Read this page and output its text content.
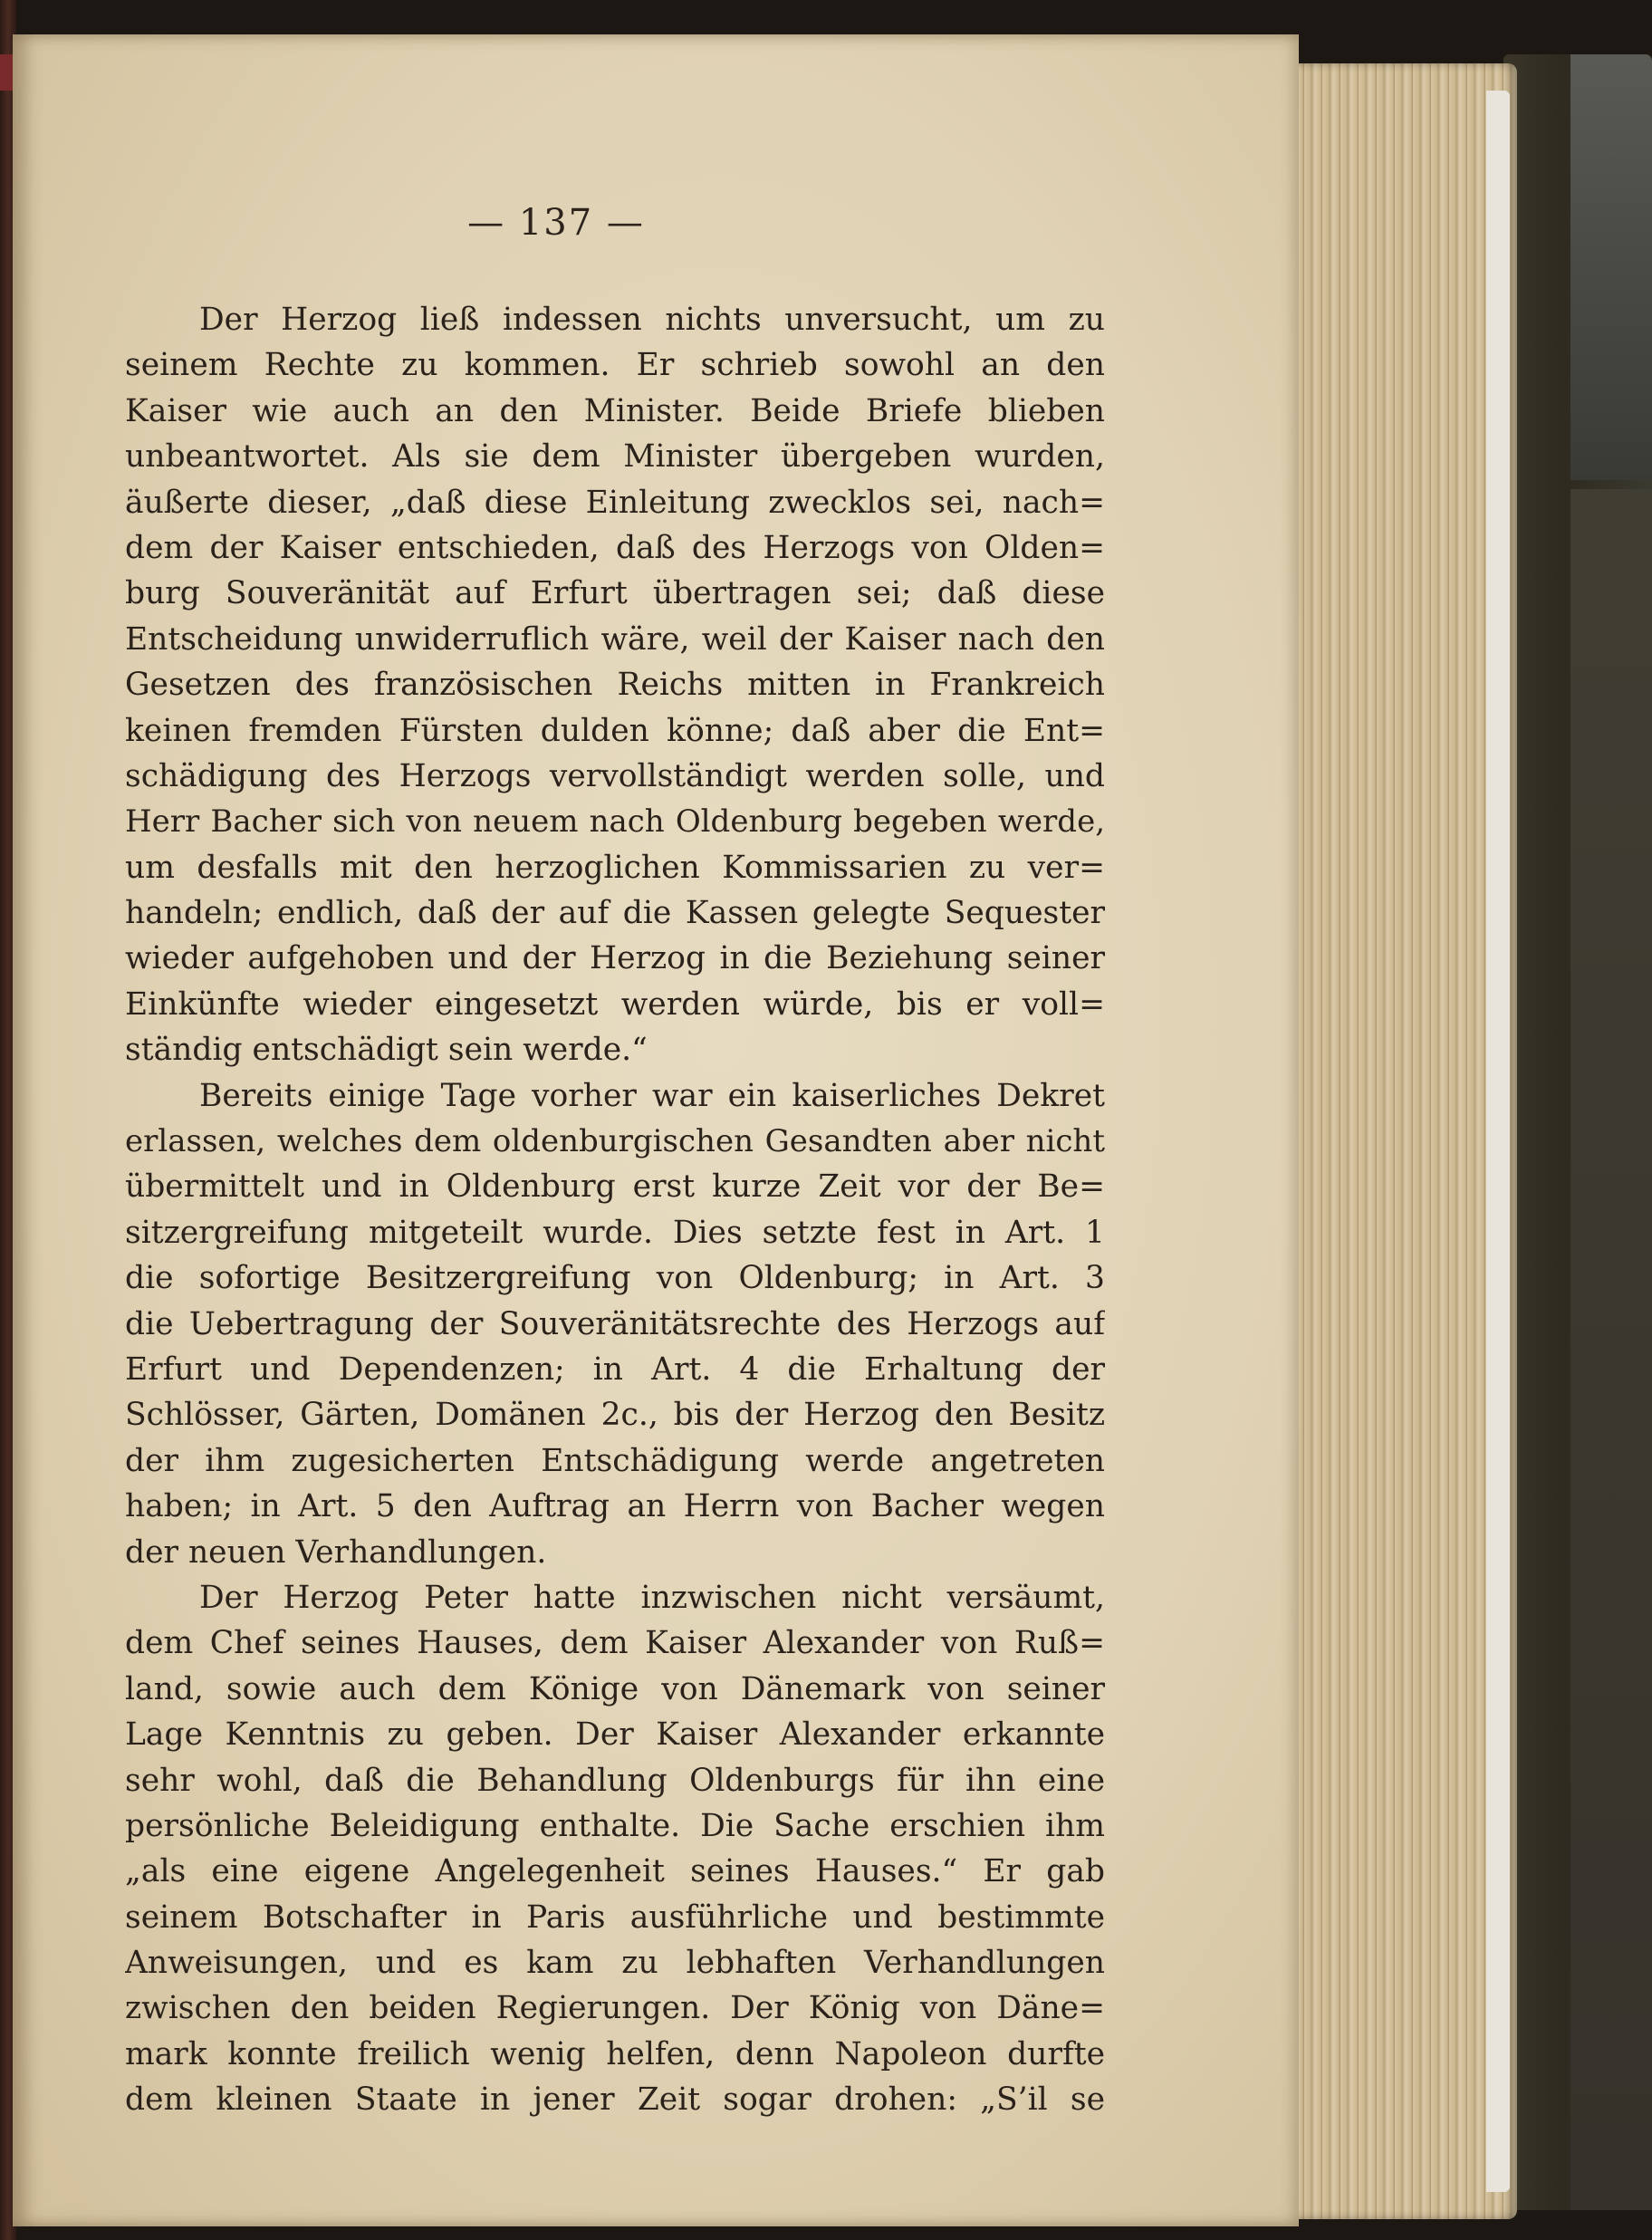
— 137 —
Der Herzog ließ indessen nichts unversucht, um zu
seinem Rechte zu kommen. Er schrieb sowohl an den
Kaiser wie auch an den Minister. Beide Briefe blieben
unbeantwortet. Als sie dem Minister übergeben wurden,
äußerte dieser, „daß diese Einleitung zwecklos sei, nach=
dem der Kaiser entschieden, daß des Herzogs von Olden=
burg Souveränität auf Erfurt übertragen sei; daß diese
Entscheidung unwiderruflich wäre, weil der Kaiser nach den
Gesetzen des französischen Reichs mitten in Frankreich
keinen fremden Fürsten dulden könne; daß aber die Ent=
schädigung des Herzogs vervollständigt werden solle, und
Herr Bacher sich von neuem nach Oldenburg begeben werde,
um desfalls mit den herzoglichen Kommissarien zu ver=
handeln; endlich, daß der auf die Kassen gelegte Sequester
wieder aufgehoben und der Herzog in die Beziehung seiner
Einkünfte wieder eingesetzt werden würde, bis er voll=
ständig entschädigt sein werde.“
Bereits einige Tage vorher war ein kaiserliches Dekret
erlassen, welches dem oldenburgischen Gesandten aber nicht
übermittelt und in Oldenburg erst kurze Zeit vor der Be=
sitzergreifung mitgeteilt wurde. Dies setzte fest in Art. 1
die sofortige Besitzergreifung von Oldenburg; in Art. 3
die Uebertragung der Souveränitätsrechte des Herzogs auf
Erfurt und Dependenzen; in Art. 4 die Erhaltung der
Schlösser, Gärten, Domänen 2c., bis der Herzog den Besitz
der ihm zugesicherten Entschädigung werde angetreten
haben; in Art. 5 den Auftrag an Herrn von Bacher wegen
der neuen Verhandlungen.
Der Herzog Peter hatte inzwischen nicht versäumt,
dem Chef seines Hauses, dem Kaiser Alexander von Ruß=
land, sowie auch dem Könige von Dänemark von seiner
Lage Kenntnis zu geben. Der Kaiser Alexander erkannte
sehr wohl, daß die Behandlung Oldenburgs für ihn eine
persönliche Beleidigung enthalte. Die Sache erschien ihm
„als eine eigene Angelegenheit seines Hauses.“ Er gab
seinem Botschafter in Paris ausführliche und bestimmte
Anweisungen, und es kam zu lebhaften Verhandlungen
zwischen den beiden Regierungen. Der König von Däne=
mark konnte freilich wenig helfen, denn Napoleon durfte
dem kleinen Staate in jener Zeit sogar drohen: „S’il se
